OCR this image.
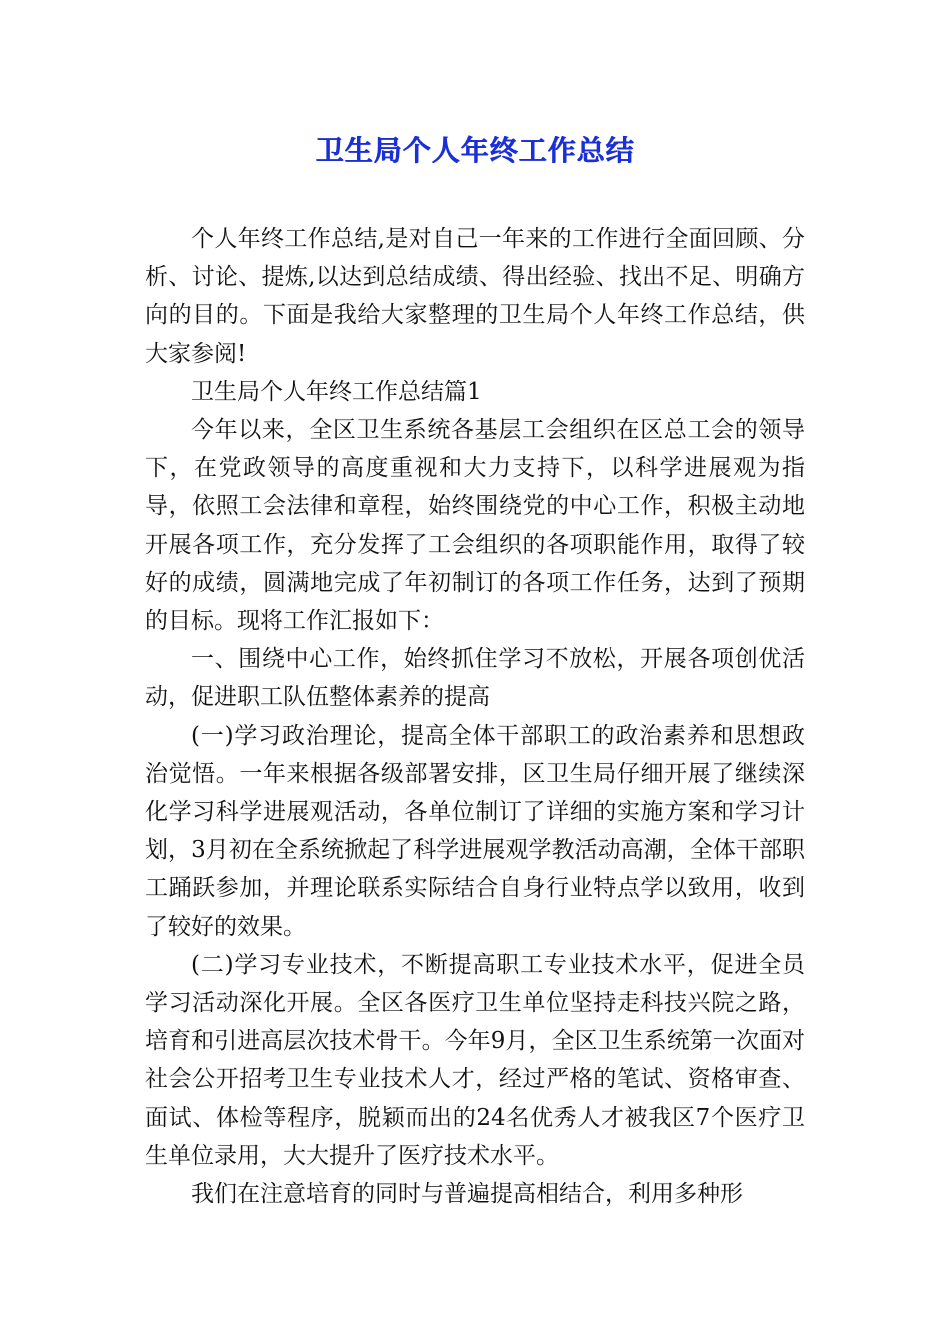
卫生局个人年终工作总结

个人年终工作总结,是对自己一年来的工作进行全面回顾、分析、讨论、提炼,以达到总结成绩、得出经验、找出不足、明确方向的目的。下面是我给大家整理的卫生局个人年终工作总结，供大家参阅!

卫生局个人年终工作总结篇1

今年以来，全区卫生系统各基层工会组织在区总工会的领导下，在党政领导的高度重视和大力支持下，以科学进展观为指导，依照工会法律和章程，始终围绕党的中心工作，积极主动地开展各项工作，充分发挥了工会组织的各项职能作用，取得了较好的成绩，圆满地完成了年初制订的各项工作任务，达到了预期的目标。现将工作汇报如下：

一、围绕中心工作，始终抓住学习不放松，开展各项创优活动，促进职工队伍整体素养的提高

(一)学习政治理论，提高全体干部职工的政治素养和思想政治觉悟。一年来根据各级部署安排，区卫生局仔细开展了继续深化学习科学进展观活动，各单位制订了详细的实施方案和学习计划，3月初在全系统掀起了科学进展观学教活动高潮，全体干部职工踊跃参加，并理论联系实际结合自身行业特点学以致用，收到了较好的效果。

(二)学习专业技术，不断提高职工专业技术水平，促进全员学习活动深化开展。全区各医疗卫生单位坚持走科技兴院之路，培育和引进高层次技术骨干。今年9月，全区卫生系统第一次面对社会公开招考卫生专业技术人才，经过严格的笔试、资格审查、面试、体检等程序，脱颖而出的24名优秀人才被我区7个医疗卫生单位录用，大大提升了医疗技术水平。

我们在注意培育的同时与普遍提高相结合，利用多种形
